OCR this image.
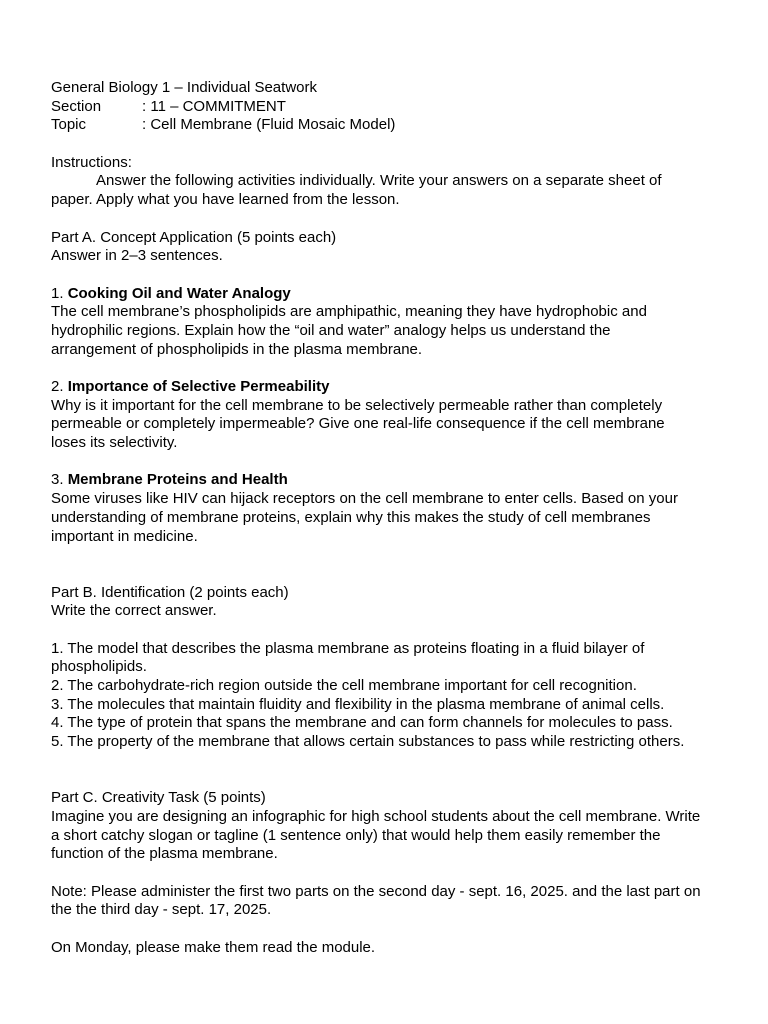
General Biology 1 – Individual Seatwork
Section	: 11 – COMMITMENT
Topic	: Cell Membrane (Fluid Mosaic Model)
Instructions:
Answer the following activities individually. Write your answers on a separate sheet of
paper. Apply what you have learned from the lesson.
Part A. Concept Application (5 points each)
Answer in 2–3 sentences.
1. Cooking Oil and Water Analogy
The cell membrane’s phospholipids are amphipathic, meaning they have hydrophobic and
hydrophilic regions. Explain how the “oil and water” analogy helps us understand the
arrangement of phospholipids in the plasma membrane.
2. Importance of Selective Permeability
Why is it important for the cell membrane to be selectively permeable rather than completely
permeable or completely impermeable? Give one real-life consequence if the cell membrane
loses its selectivity.
3. Membrane Proteins and Health
Some viruses like HIV can hijack receptors on the cell membrane to enter cells. Based on your
understanding of membrane proteins, explain why this makes the study of cell membranes
important in medicine.
Part B. Identification (2 points each)
Write the correct answer.
1. The model that describes the plasma membrane as proteins floating in a fluid bilayer of
phospholipids.
2. The carbohydrate-rich region outside the cell membrane important for cell recognition.
3. The molecules that maintain fluidity and flexibility in the plasma membrane of animal cells.
4. The type of protein that spans the membrane and can form channels for molecules to pass.
5. The property of the membrane that allows certain substances to pass while restricting others.
Part C. Creativity Task (5 points)
Imagine you are designing an infographic for high school students about the cell membrane. Write
a short catchy slogan or tagline (1 sentence only) that would help them easily remember the
function of the plasma membrane.
Note: Please administer the first two parts on the second day - sept. 16, 2025. and the last part on
the the third day - sept. 17, 2025.
On Monday, please make them read the module.
